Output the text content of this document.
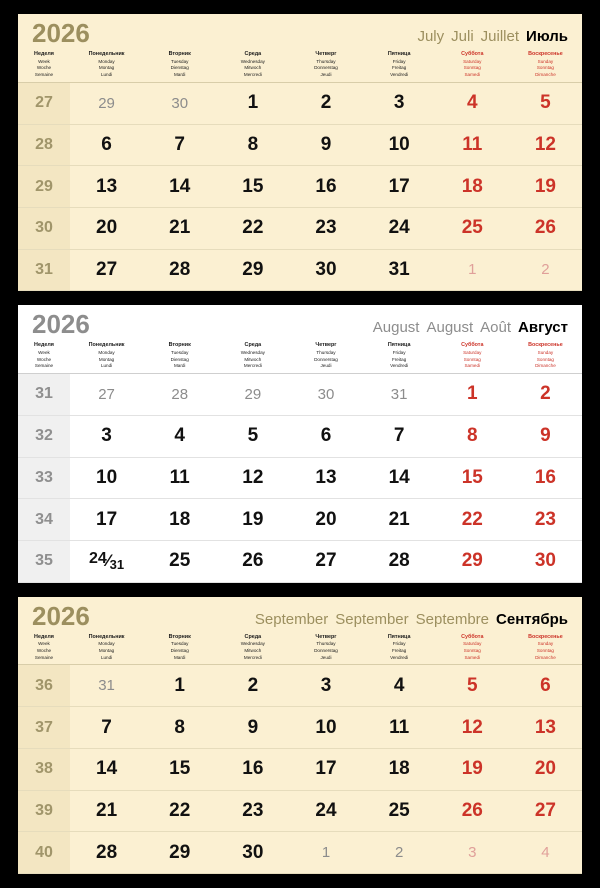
2026	July Juli Juillet Июль
Неделя
Week
Woche
Semaine
Понедельник
Monday
Montag
Lundi
Вторник
Tuesday
Dienstag
Mardi
Среда
Wednesday
Mitwoch
Mercredi
Четверг
Thursday
Donnerstag
Jeudi
Пятница
Friday
Freitag
Vendredi
Суббота
Saturday
Sonntag
Samedi
Воскресенье
Sunday
Sonntag
Dimanche
27	29	30	1	2	3	4	5
28	6	7	8	9	10	11	12
29	13	14	15	16	17	18	19
30	20	21	22	23	24	25	26
31	27	28	29	30	31	1	2
2026	August August Août Август
Неделя
Week
Woche
Semaine
Понедельник
Monday
Montag
Lundi
Вторник
Tuesday
Dienstag
Mardi
Среда
Wednesday
Mitwoch
Mercredi
Четверг
Thursday
Donnerstag
Jeudi
Пятница
Friday
Freitag
Vendredi
Суббота
Saturday
Sonntag
Samedi
Воскресенье
Sunday
Sonntag
Dimanche
31	27	28	29	30	31	1	2
32	3	4	5	6	7	8	9
33	10	11	12	13	14	15	16
34	17	18	19	20	21	22	23
35	24⁄31	25	26	27	28	29	30
2026	September September Septembre Сентябрь
Неделя
Week
Woche
Semaine
Понедельник
Monday
Montag
Lundi
Вторник
Tuesday
Dienstag
Mardi
Среда
Wednesday
Mitwoch
Mercredi
Четверг
Thursday
Donnerstag
Jeudi
Пятница
Friday
Freitag
Vendredi
Суббота
Saturday
Sonntag
Samedi
Воскресенье
Sunday
Sonntag
Dimanche
36	31	1	2	3	4	5	6
37	7	8	9	10	11	12	13
38	14	15	16	17	18	19	20
39	21	22	23	24	25	26	27
40	28	29	30	1	2	3	4
